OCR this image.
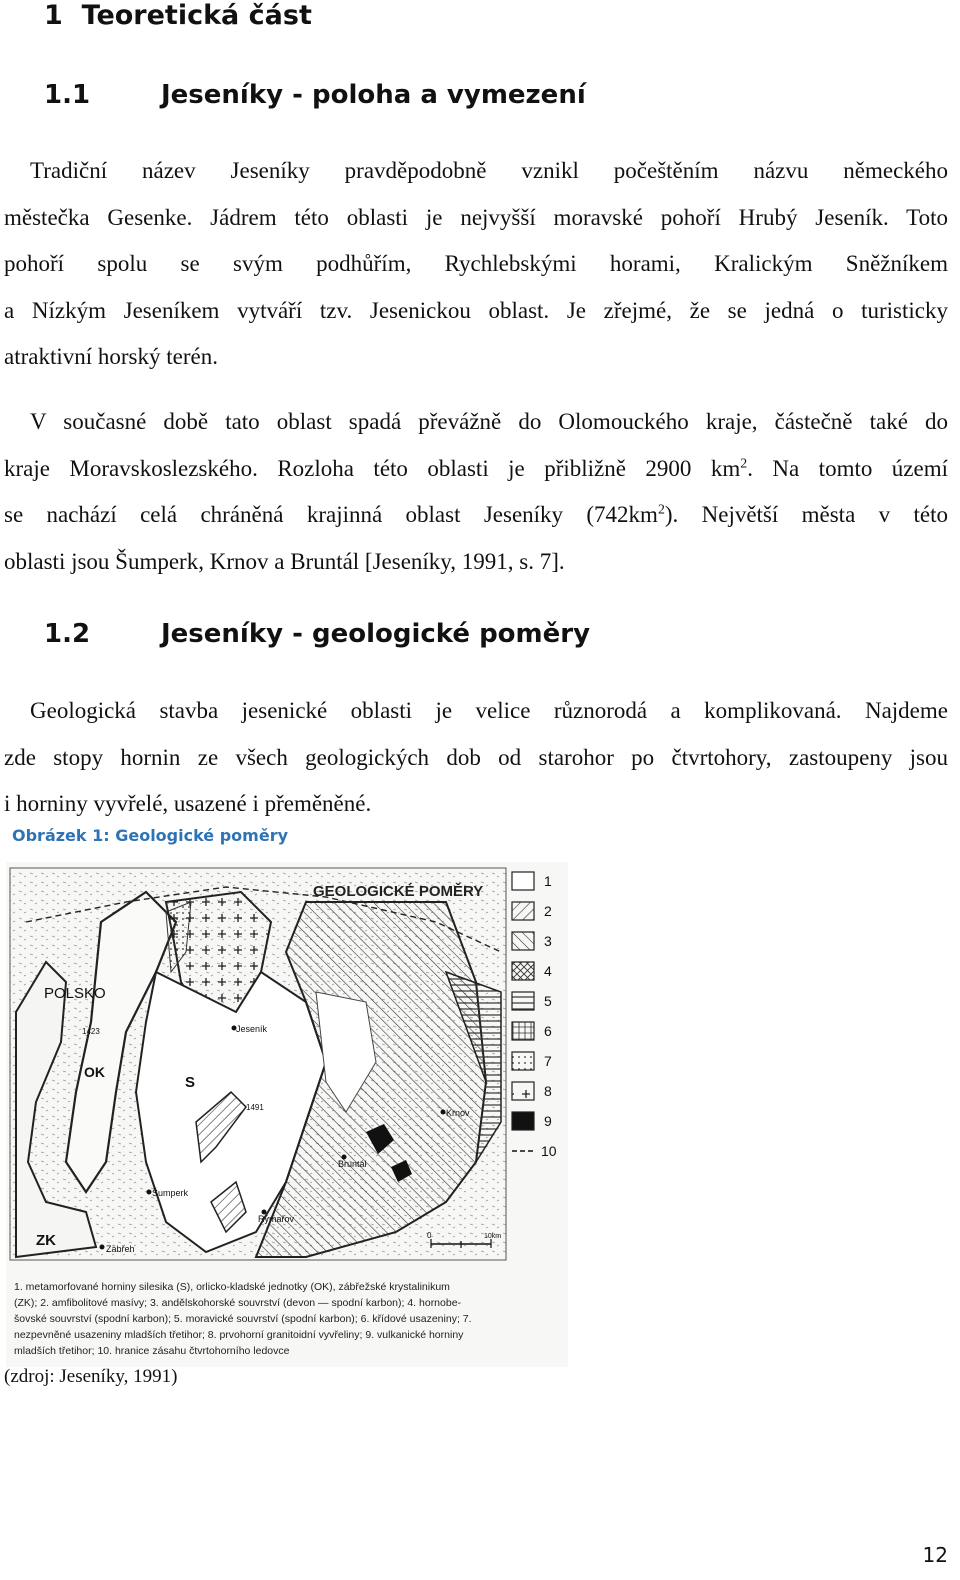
1 Teoretická část
1.1	Jeseníky - poloha a vymezení
Tradiční název Jeseníky pravděpodobně vznikl počeštěním názvu německého
městečka Gesenke. Jádrem této oblasti je nejvyšší moravské pohoří Hrubý Jeseník. Toto
pohoří spolu se svým podhůřím, Rychlebskými horami, Kralickým Sněžníkem
a Nízkým Jeseníkem vytváří tzv. Jesenickou oblast. Je zřejmé, že se jedná o turisticky
atraktivní horský terén.
V současné době tato oblast spadá převážně do Olomouckého kraje, částečně také do
kraje Moravskoslezského. Rozloha této oblasti je přibližně 2900 $km^2$. Na tomto území
se nachází celá chráněná krajinná oblast Jeseníky $(742km^2)$. Největší města v této
oblasti jsou Šumperk, Krnov a Bruntál [Jeseníky, 1991, s. 7].
1.2	Jeseníky - geologické poměry
Geologická stavba jesenické oblasti je velice různorodá a komplikovaná. Najdeme
zde stopy hornin ze všech geologických dob od starohor po čtvrtohory, zastoupeny jsou
i horniny vyvřelé, usazené i přeměněné.
Obrázek 1: Geologické poměry
GEOLOGICKÉ POMĚRY
POLSKO
OK
S
ZK
Jeseník
Krnov
Bruntál
Šumperk
Rýmařov
Zábřeh
1423
1491
0	10km
1
2
3
4
5
6
7
8
9
10
1. metamorfované horniny silesika (S), orlicko-kladské jednotky (OK), zábřežské krystalinikum
(ZK); 2. amfibolitové masívy; 3. andělskohorské souvrství (devon — spodní karbon); 4. hornobe-
šovské souvrství (spodní karbon); 5. moravické souvrství (spodní karbon); 6. křídové usazeniny; 7.
nezpevněné usazeniny mladších třetihor; 8. prvohorní granitoidní vyvřeliny; 9. vulkanické horniny
mladších třetihor; 10. hranice zásahu čtvrtohorního ledovce
(zdroj: Jeseníky, 1991)
12
